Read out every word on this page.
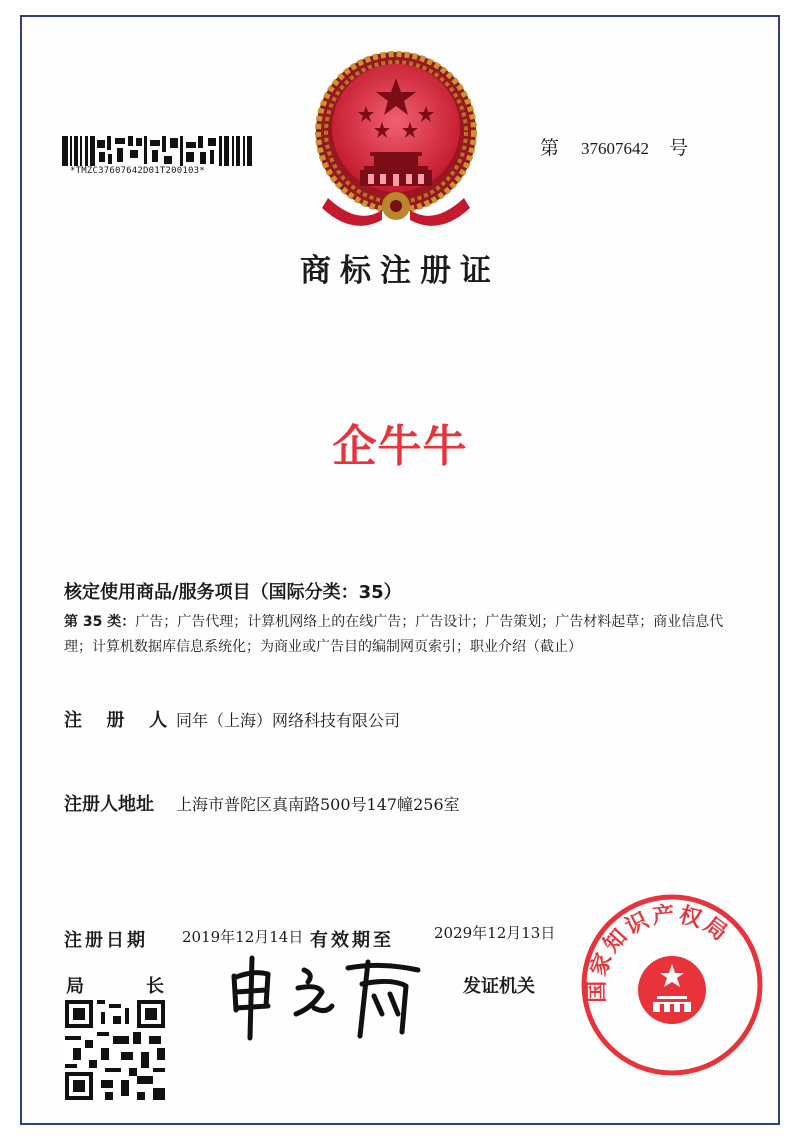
*TMZC37607642D01T200103*
第 37607642 号
商标注册证
企牛牛
核定使用商品/服务项目（国际分类：35）
第 35 类：广告；广告代理；计算机网络上的在线广告；广告设计；广告策划；广告材料起草；商业信息代理；计算机数据库信息系统化；为商业或广告目的编制网页索引；职业介绍（截止）
注  册  人 同年（上海）网络科技有限公司
注册人地址 上海市普陀区真南路500号147幢256室
注册日期 2019年12月14日 有效期至	2029年12月13日
局	长	发证机关 国家知识产权局
